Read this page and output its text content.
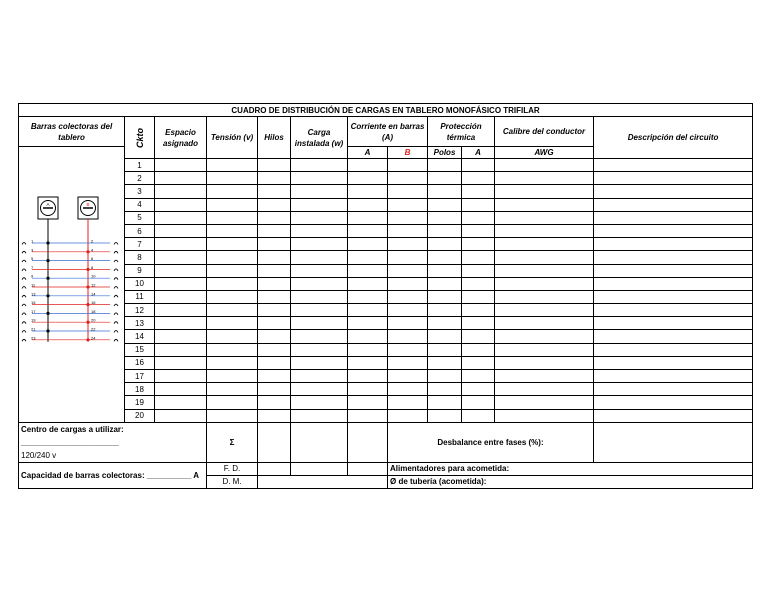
CUADRO DE DISTRIBUCIÓN DE CARGAS EN TABLERO MONOFÁSICO TRIFILAR											
Barras colectoras del tablero	Ckto	Espacio asignado	Tensión (v)	Hilos	Carga instalada (w)	Corriente en barras (A)		Protección térmica		Calibre del conductor	Descripción del circuito
						A	B	Polos	A	AWG	
	1										
	2										
	3										
	4										
	5										
	6										
	7										
	8										
	9										
	10										
	11										
	12										
	13										
	14										
	15										
	16										
	17										
	18										
	19										
	20										

Centro de cargas a utilizar: ______________________
120/240 v			Σ				Desbalance entre fases (%):				
Capacidad de barras colectoras: __________ A			F. D.				Alimentadores para acometida:				
			D. M.				Ø de tubería (acometida):				
A	B
1	2
3	4
5	6
7	8
9	10
11	12
13	14
15	16
17	18
19	20
21	22
23	24
